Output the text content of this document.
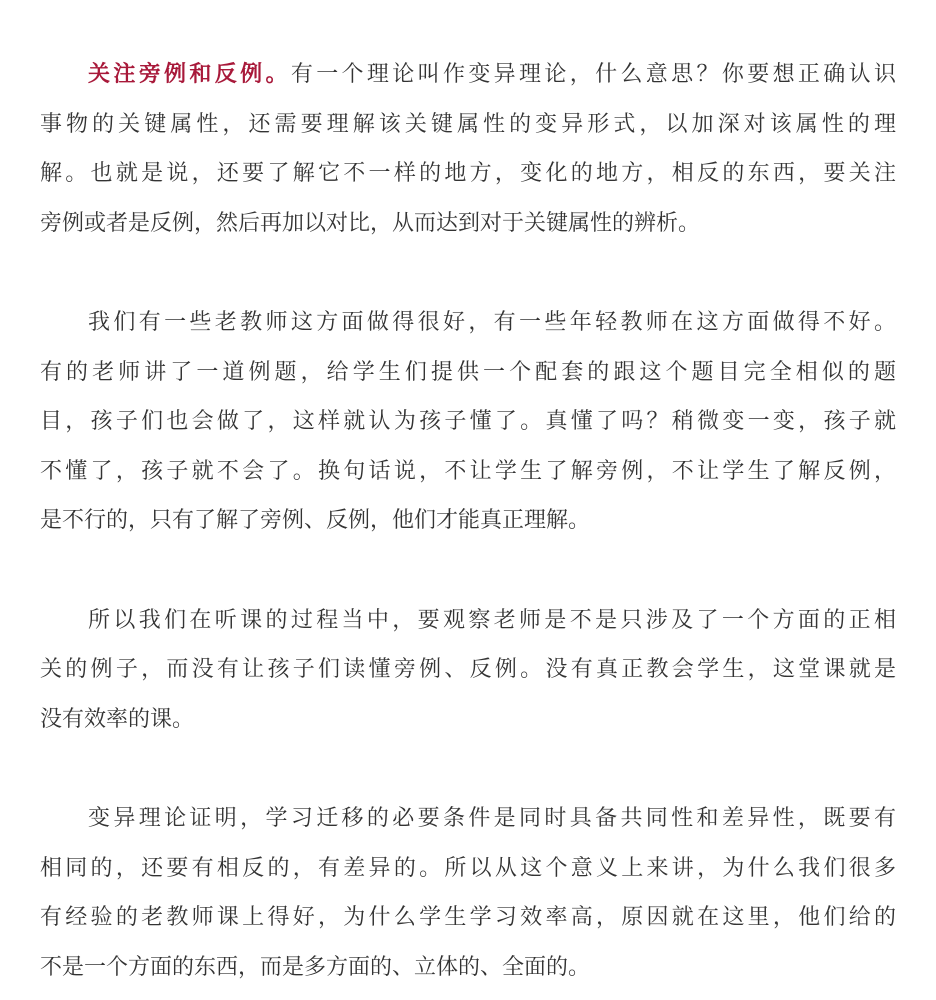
关注旁例和反例。有一个理论叫作变异理论，什么意思？你要想正确认识
事物的关键属性，还需要理解该关键属性的变异形式，以加深对该属性的理
解。也就是说，还要了解它不一样的地方，变化的地方，相反的东西，要关注
旁例或者是反例，然后再加以对比，从而达到对于关键属性的辨析。
我们有一些老教师这方面做得很好，有一些年轻教师在这方面做得不好。
有的老师讲了一道例题，给学生们提供一个配套的跟这个题目完全相似的题
目，孩子们也会做了，这样就认为孩子懂了。真懂了吗？稍微变一变，孩子就
不懂了，孩子就不会了。换句话说，不让学生了解旁例，不让学生了解反例，
是不行的，只有了解了旁例、反例，他们才能真正理解。
所以我们在听课的过程当中，要观察老师是不是只涉及了一个方面的正相
关的例子，而没有让孩子们读懂旁例、反例。没有真正教会学生，这堂课就是
没有效率的课。
变异理论证明，学习迁移的必要条件是同时具备共同性和差异性，既要有
相同的，还要有相反的，有差异的。所以从这个意义上来讲，为什么我们很多
有经验的老教师课上得好，为什么学生学习效率高，原因就在这里，他们给的
不是一个方面的东西，而是多方面的、立体的、全面的。
